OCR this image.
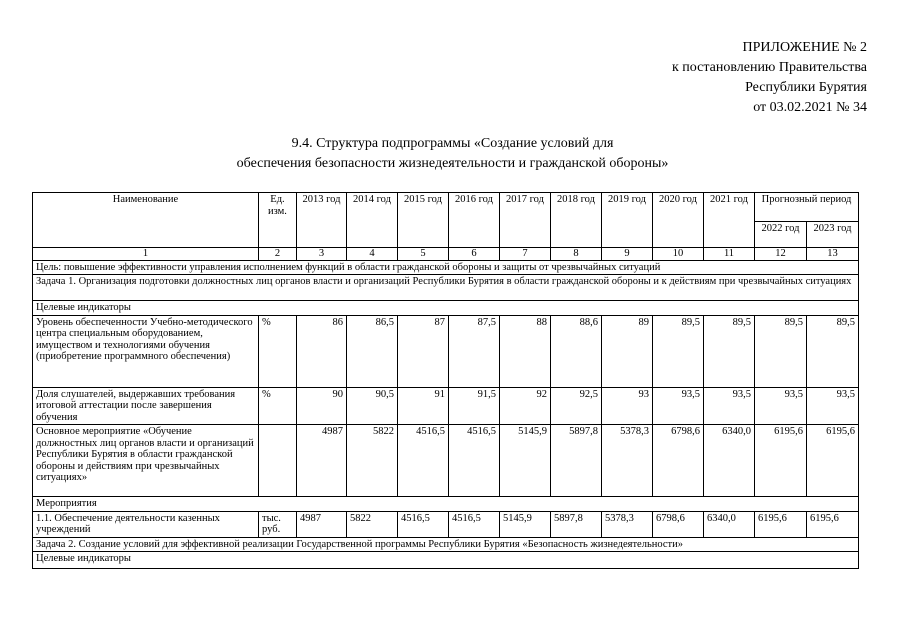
ПРИЛОЖЕНИЕ № 2
к постановлению Правительства
Республики Бурятия
от 03.02.2021 № 34
9.4. Структура подпрограммы «Создание условий для
обеспечения безопасности жизнедеятельности и гражданской обороны»
Наименование	Ед. изм.	2013 год	2014 год	2015 год	2016 год	2017 год	2018 год	2019 год	2020 год	2021 год	Прогнозный период	
											2022 год	2023 год
1	2	3	4	5	6	7	8	9	10	11	12	13
Цель: повышение эффективности управления исполнением функций в области гражданской обороны и защиты от чрезвычайных ситуаций												
Задача 1. Организация подготовки должностных лиц органов власти и организаций Республики Бурятия в области гражданской обороны и к действиям при чрезвычайных ситуациях												
Целевые индикаторы												
Уровень обеспеченности Учебно-методического центра специальным оборудованием, имуществом и технологиями обучения (приобретение программного обеспечения)	%	86	86,5	87	87,5	88	88,6	89	89,5	89,5	89,5	89,5
Доля слушателей, выдержавших требования итоговой аттестации после завершения обучения	%	90	90,5	91	91,5	92	92,5	93	93,5	93,5	93,5	93,5
Основное мероприятие «Обучение должностных лиц органов власти и организаций Республики Бурятия в области гражданской обороны и действиям при чрезвычайных ситуациях»		4987	5822	4516,5	4516,5	5145,9	5897,8	5378,3	6798,6	6340,0	6195,6	6195,6
Мероприятия												
1.1. Обеспечение деятельности казенных учреждений	тыс. руб.	4987	5822	4516,5	4516,5	5145,9	5897,8	5378,3	6798,6	6340,0	6195,6	6195,6
Задача 2. Создание условий для эффективной реализации Государственной программы Республики Бурятия «Безопасность жизнедеятельности»												
Целевые индикаторы												
